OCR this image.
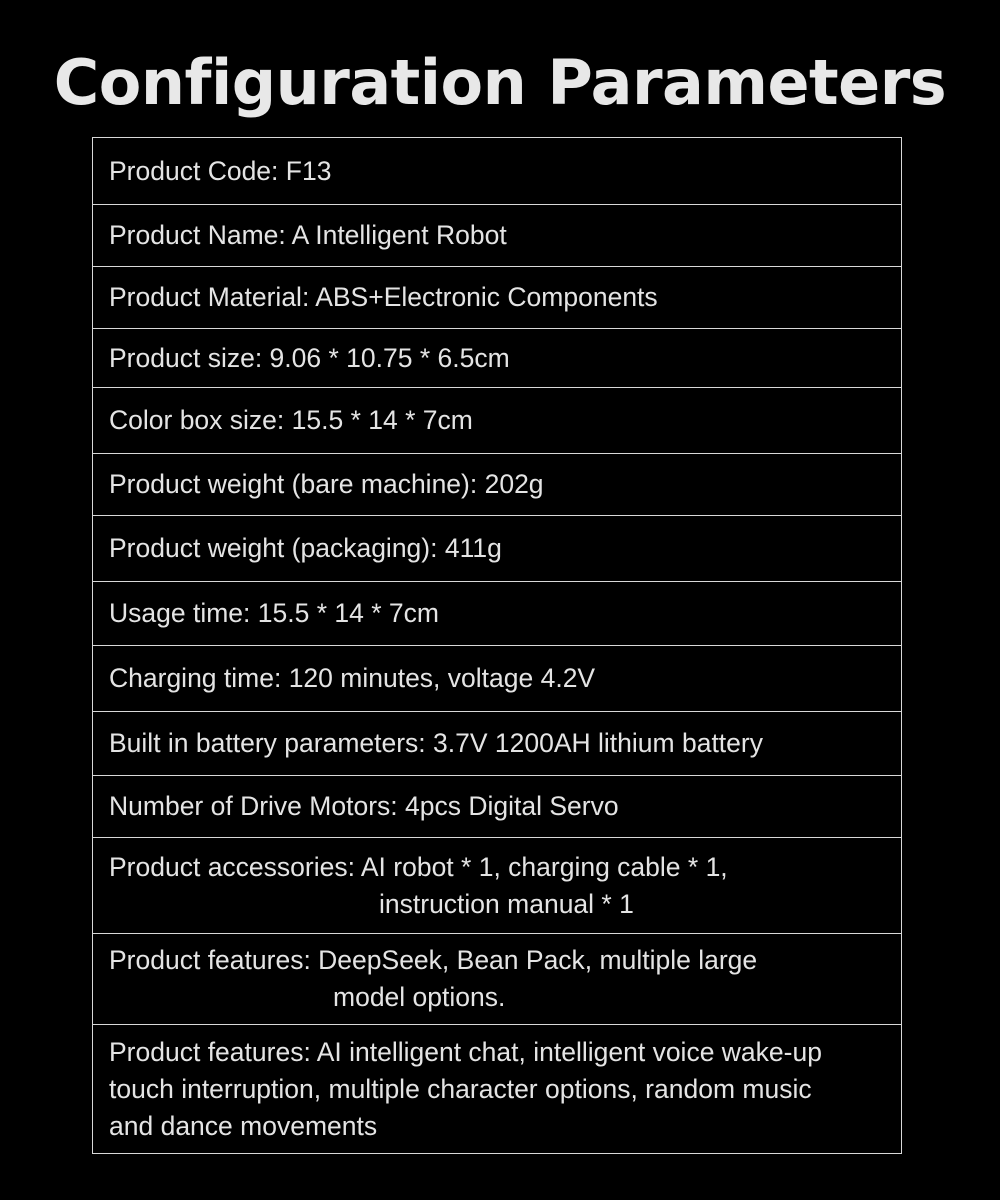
Configuration Parameters
Product Code: F13
Product Name: A Intelligent Robot
Product Material: ABS+Electronic Components
Product size: 9.06 * 10.75 * 6.5cm
Color box size: 15.5 * 14 * 7cm
Product weight (bare machine): 202g
Product weight (packaging): 411g
Usage time: 15.5 * 14 * 7cm
Charging time: 120 minutes, voltage 4.2V
Built in battery parameters: 3.7V 1200AH lithium battery
Number of Drive Motors: 4pcs Digital Servo
Product accessories: AI robot * 1, charging cable * 1,
instruction manual * 1
Product features: DeepSeek, Bean Pack, multiple large
model options.
Product features: AI intelligent chat, intelligent voice wake-up
touch interruption, multiple character options, random music
and dance movements
